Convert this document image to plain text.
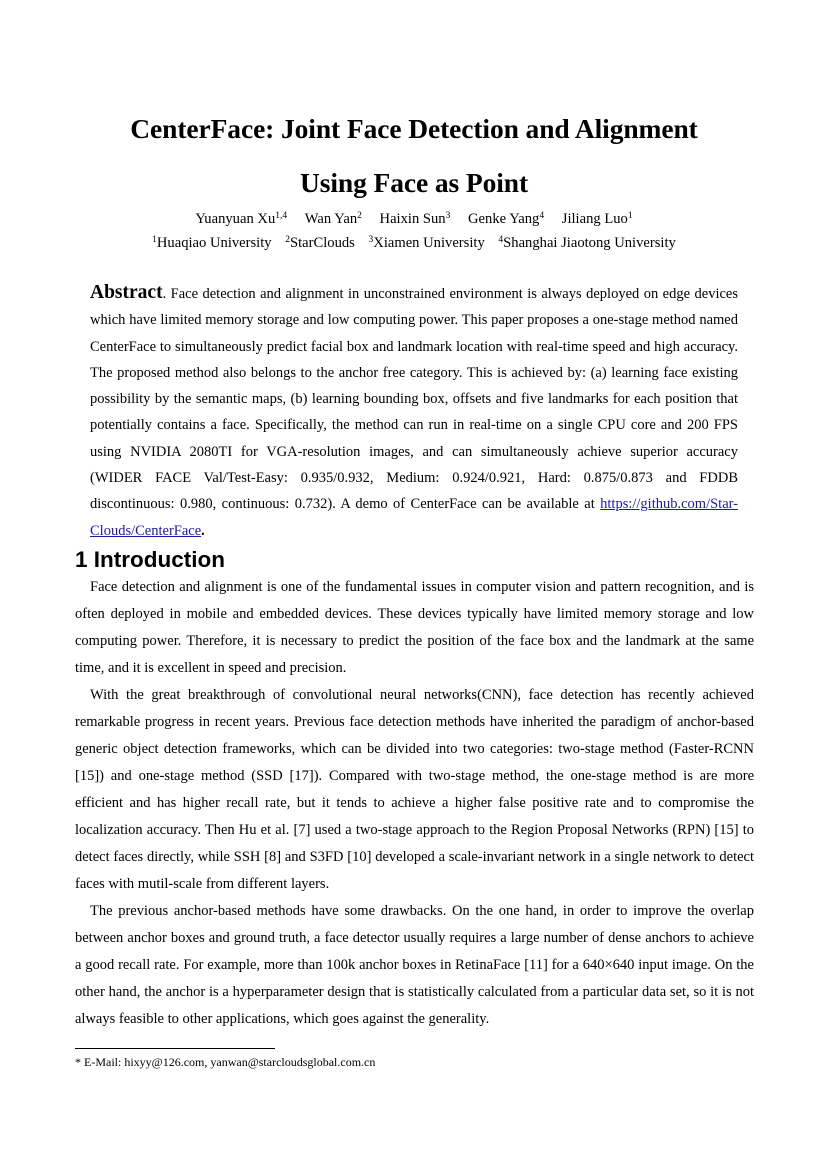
CenterFace: Joint Face Detection and Alignment
Using Face as Point
Yuanyuan Xu$^{1,4}$ Wan Yan$^2$ Haixin Sun$^3$ Genke Yang$^4$ Jiliang Luo$^1$
$^1$Huaqiao University $^2$StarClouds $^3$Xiamen University $^4$Shanghai Jiaotong University

Abstract. Face detection and alignment in unconstrained environment is always deployed on edge devices which have limited memory storage and low computing power. This paper proposes a one-stage method named CenterFace to simultaneously predict facial box and landmark location with real-time speed and high accuracy. The proposed method also belongs to the anchor free category. This is achieved by: (a) learning face existing possibility by the semantic maps, (b) learning bounding box, offsets and five landmarks for each position that potentially contains a face. Specifically, the method can run in real-time on a single CPU core and 200 FPS using NVIDIA 2080TI for VGA-resolution images, and can simultaneously achieve superior accuracy (WIDER FACE Val/Test-Easy: 0.935/0.932, Medium: 0.924/0.921, Hard: 0.875/0.873 and FDDB discontinuous: 0.980, continuous: 0.732). A demo of CenterFace can be available at https://github.com/Star-Clouds/CenterFace.

1 Introduction

Face detection and alignment is one of the fundamental issues in computer vision and pattern recognition, and is often deployed in mobile and embedded devices. These devices typically have limited memory storage and low computing power. Therefore, it is necessary to predict the position of the face box and the landmark at the same time, and it is excellent in speed and precision.

With the great breakthrough of convolutional neural networks(CNN), face detection has recently achieved remarkable progress in recent years. Previous face detection methods have inherited the paradigm of anchor-based generic object detection frameworks, which can be divided into two categories: two-stage method (Faster-RCNN [15]) and one-stage method (SSD [17]). Compared with two-stage method, the one-stage method is are more efficient and has higher recall rate, but it tends to achieve a higher false positive rate and to compromise the localization accuracy. Then Hu et al. [7] used a two-stage approach to the Region Proposal Networks (RPN) [15] to detect faces directly, while SSH [8] and S3FD [10] developed a scale-invariant network in a single network to detect faces with mutil-scale from different layers.

The previous anchor-based methods have some drawbacks. On the one hand, in order to improve the overlap between anchor boxes and ground truth, a face detector usually requires a large number of dense anchors to achieve a good recall rate. For example, more than 100k anchor boxes in RetinaFace [11] for a 640×640 input image. On the other hand, the anchor is a hyperparameter design that is statistically calculated from a particular data set, so it is not always feasible to other applications, which goes against the generality.

* E-Mail: hixyy@126.com, yanwan@starcloudsglobal.com.cn
